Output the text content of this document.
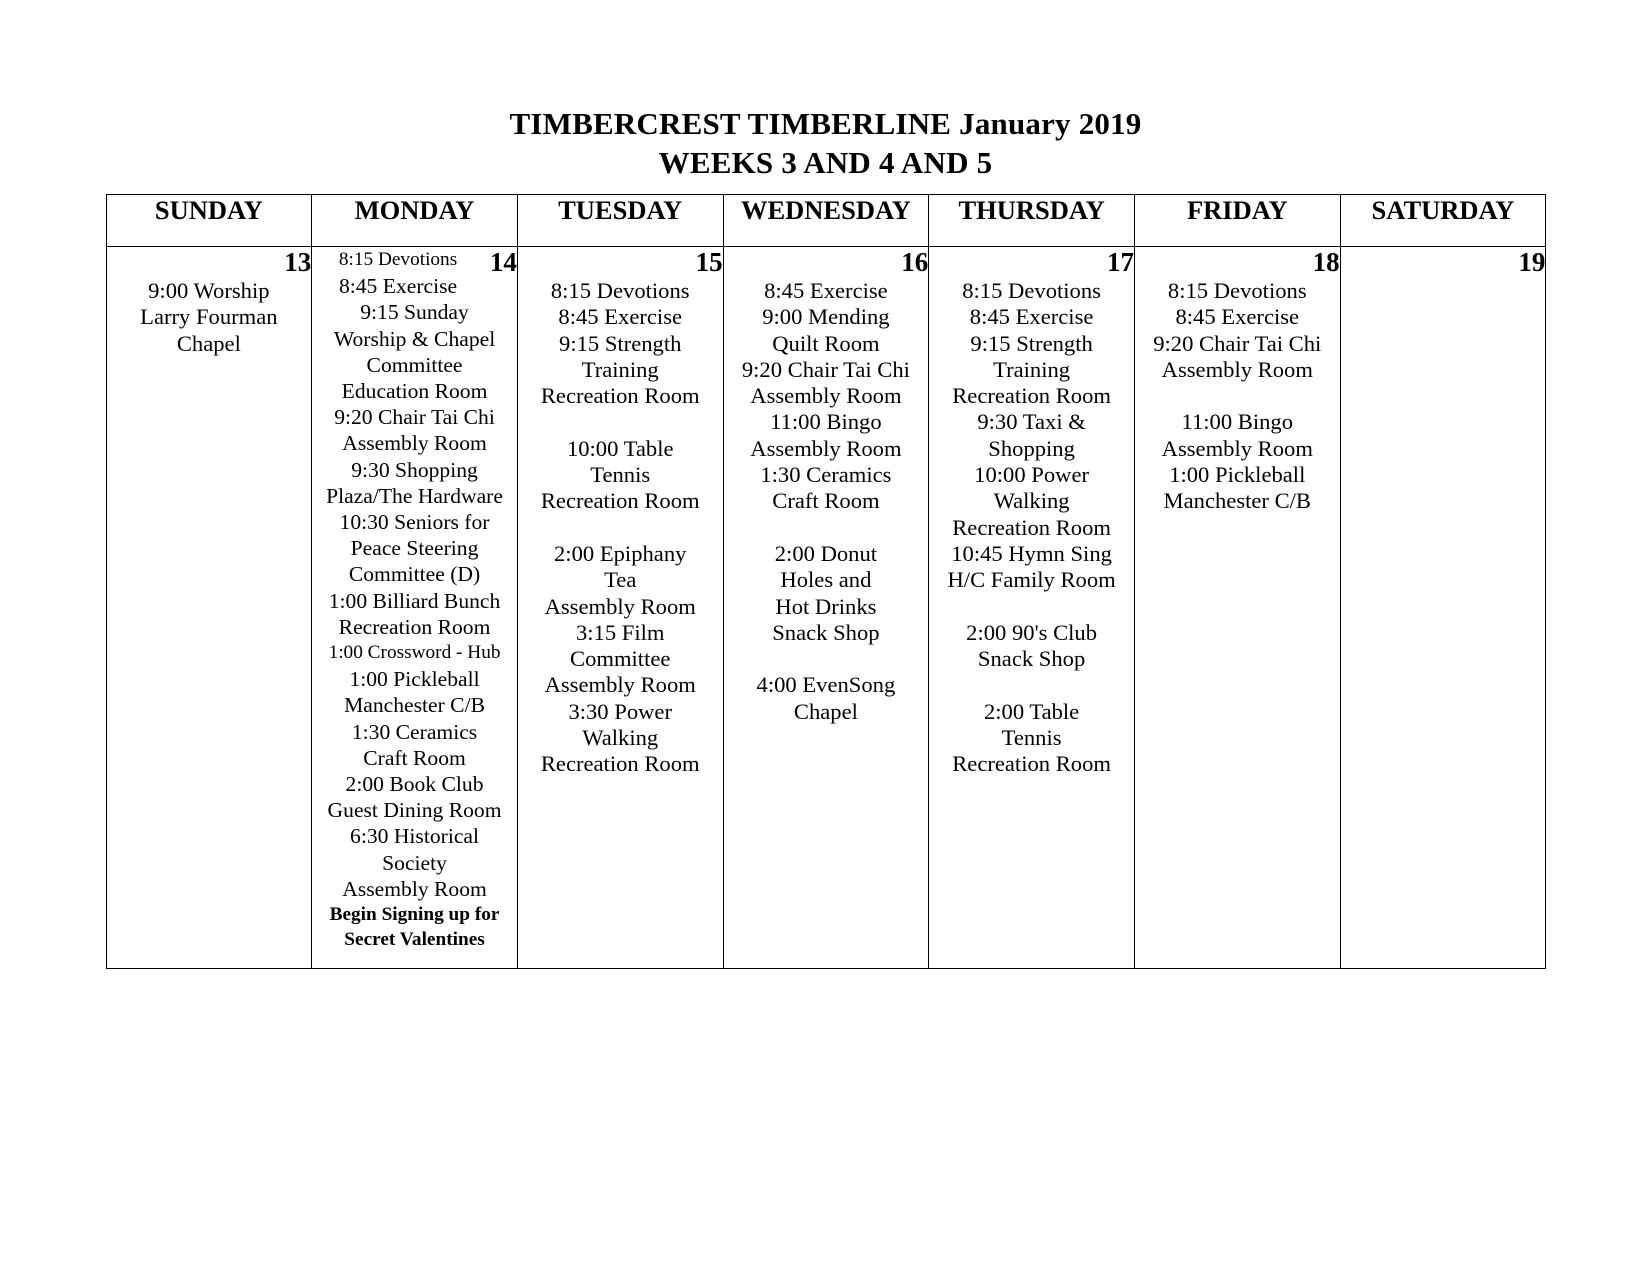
TIMBERCREST TIMBERLINE January 2019
WEEKS 3 AND 4 AND 5
SUNDAY	MONDAY	TUESDAY	WEDNESDAY	THURSDAY	FRIDAY	SATURDAY

13
9:00 Worship
Larry Fourman
Chapel

14
8:15 Devotions
8:45 Exercise
9:15 Sunday
Worship & Chapel
Committee
Education Room
9:20 Chair Tai Chi
Assembly Room
9:30 Shopping
Plaza/The Hardware
10:30 Seniors for
Peace Steering
Committee (D)
1:00 Billiard Bunch
Recreation Room
1:00 Crossword - Hub
1:00 Pickleball
Manchester C/B
1:30 Ceramics
Craft Room
2:00 Book Club
Guest Dining Room
6:30 Historical
Society
Assembly Room
Begin Signing up for
Secret Valentines

15
8:15 Devotions
8:45 Exercise
9:15 Strength
Training
Recreation Room
10:00 Table
Tennis
Recreation Room
2:00 Epiphany
Tea
Assembly Room
3:15 Film
Committee
Assembly Room
3:30 Power
Walking
Recreation Room

16
8:45 Exercise
9:00 Mending
Quilt Room
9:20 Chair Tai Chi
Assembly Room
11:00 Bingo
Assembly Room
1:30 Ceramics
Craft Room
2:00 Donut
Holes and
Hot Drinks
Snack Shop
4:00 EvenSong
Chapel

17
8:15 Devotions
8:45 Exercise
9:15 Strength
Training
Recreation Room
9:30 Taxi &
Shopping
10:00 Power
Walking
Recreation Room
10:45 Hymn Sing
H/C Family Room
2:00 90's Club
Snack Shop
2:00 Table
Tennis
Recreation Room

18
8:15 Devotions
8:45 Exercise
9:20 Chair Tai Chi
Assembly Room
11:00 Bingo
Assembly Room
1:00 Pickleball
Manchester C/B

19
